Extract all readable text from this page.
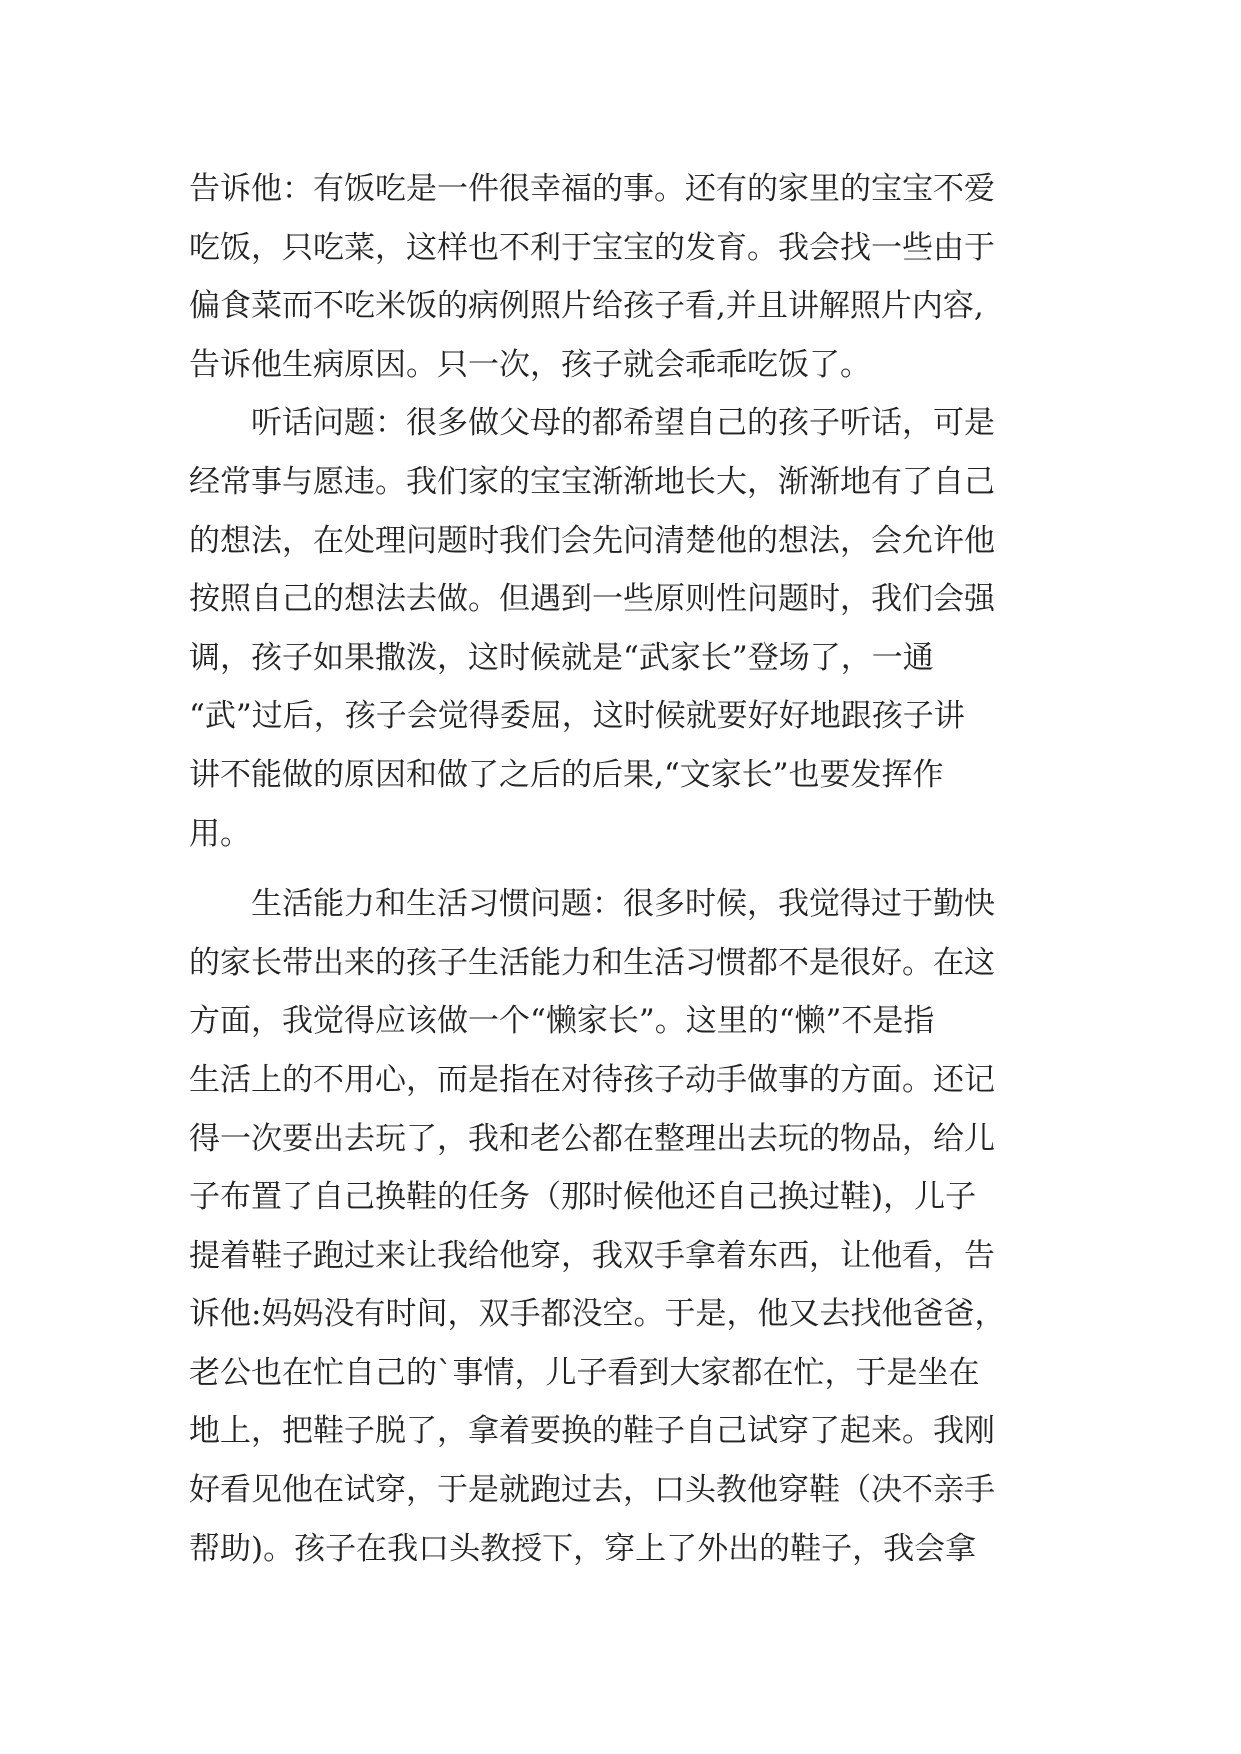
告诉他：有饭吃是一件很幸福的事。还有的家里的宝宝不爱
吃饭，只吃菜，这样也不利于宝宝的发育。我会找一些由于
偏食菜而不吃米饭的病例照片给孩子看,并且讲解照片内容,
告诉他生病原因。只一次，孩子就会乖乖吃饭了。
　　听话问题：很多做父母的都希望自己的孩子听话，可是
经常事与愿违。我们家的宝宝渐渐地长大，渐渐地有了自己
的想法，在处理问题时我们会先问清楚他的想法，会允许他
按照自己的想法去做。但遇到一些原则性问题时，我们会强
调，孩子如果撒泼，这时候就是“武家长”登场了，一通
“武”过后，孩子会觉得委屈，这时候就要好好地跟孩子讲
讲不能做的原因和做了之后的后果,“文家长”也要发挥作
用。
　　生活能力和生活习惯问题：很多时候，我觉得过于勤快
的家长带出来的孩子生活能力和生活习惯都不是很好。在这
方面，我觉得应该做一个“懒家长”。这里的“懒”不是指
生活上的不用心，而是指在对待孩子动手做事的方面。还记
得一次要出去玩了，我和老公都在整理出去玩的物品，给儿
子布置了自己换鞋的任务（那时候他还自己换过鞋)，儿子
提着鞋子跑过来让我给他穿，我双手拿着东西，让他看，告
诉他:妈妈没有时间，双手都没空。于是，他又去找他爸爸，
老公也在忙自己的`事情，儿子看到大家都在忙，于是坐在
地上，把鞋子脱了，拿着要换的鞋子自己试穿了起来。我刚
好看见他在试穿，于是就跑过去，口头教他穿鞋（决不亲手
帮助)。孩子在我口头教授下，穿上了外出的鞋子，我会拿
